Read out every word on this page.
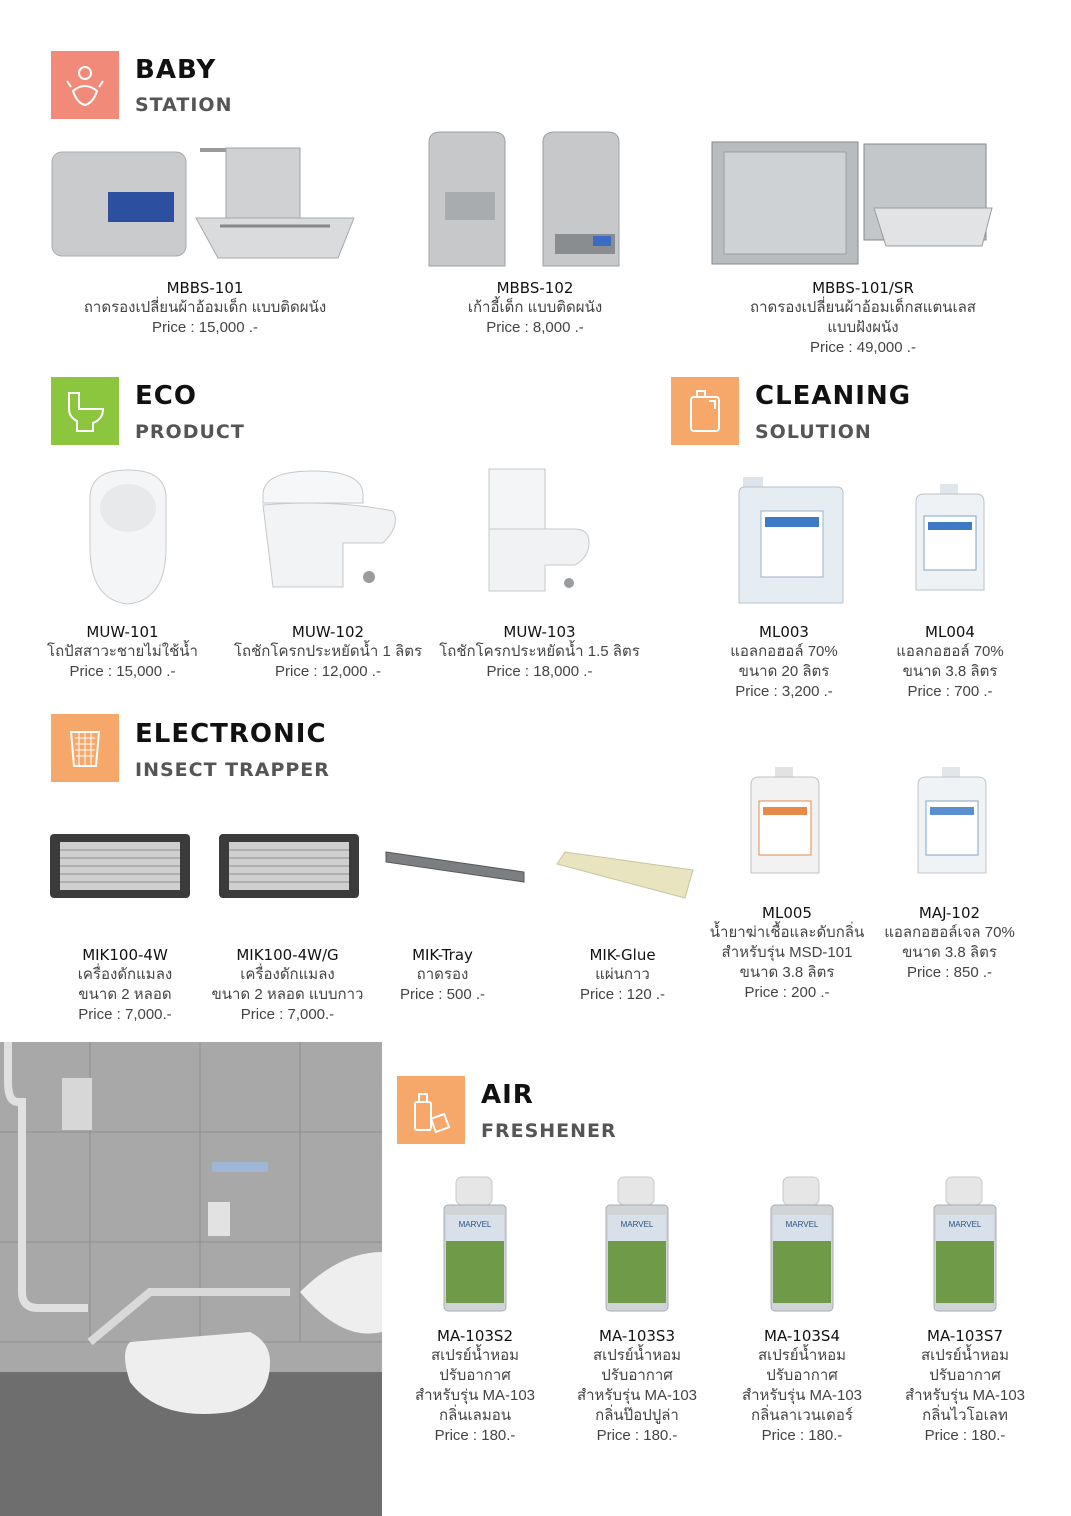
BABY
STATION
ECO
PRODUCT
CLEANING
SOLUTION
ELECTRONIC
INSECT TRAPPER
AIR
FRESHENER
MBBS-101
ถาดรองเปลี่ยนผ้าอ้อมเด็ก แบบติดผนัง
Price : 15,000 .-
MBBS-102
เก้าอี้เด็ก แบบติดผนัง
Price : 8,000 .-
MBBS-101/SR
ถาดรองเปลี่ยนผ้าอ้อมเด็กสแตนเลส
แบบฝังผนัง
Price : 49,000 .-
MUW-101
โถปัสสาวะชายไม่ใช้น้ำ
Price : 15,000 .-
MUW-102
โถชักโครกประหยัดน้ำ 1 ลิตร
Price : 12,000 .-
MUW-103
โถชักโครกประหยัดน้ำ 1.5 ลิตร
Price : 18,000 .-
ML003
แอลกอฮอล์ 70%
ขนาด 20 ลิตร
Price : 3,200 .-
ML004
แอลกอฮอล์ 70%
ขนาด 3.8 ลิตร
Price : 700 .-
ML005
น้ำยาฆ่าเชื้อและดับกลิ่น
สำหรับรุ่น MSD-101
ขนาด 3.8 ลิตร
Price : 200 .-
MAJ-102
แอลกอฮอล์เจล 70%
ขนาด 3.8 ลิตร
Price : 850 .-
MIK100-4W
เครื่องดักแมลง
ขนาด 2 หลอด
Price : 7,000.-
MIK100-4W/G
เครื่องดักแมลง
ขนาด 2 หลอด แบบกาว
Price : 7,000.-
MIK-Tray
ถาดรอง
Price : 500 .-
MIK-Glue
แผ่นกาว
Price : 120 .-
MARVEL	MARVEL	MARVEL	MARVEL
MA-103S2
สเปรย์น้ำหอม
ปรับอากาศ
สำหรับรุ่น MA-103
กลิ่นเลมอน
Price : 180.-
MA-103S3
สเปรย์น้ำหอม
ปรับอากาศ
สำหรับรุ่น MA-103
กลิ่นป๊อปปูล่า
Price : 180.-
MA-103S4
สเปรย์น้ำหอม
ปรับอากาศ
สำหรับรุ่น MA-103
กลิ่นลาเวนเดอร์
Price : 180.-
MA-103S7
สเปรย์น้ำหอม
ปรับอากาศ
สำหรับรุ่น MA-103
กลิ่นไวโอเลท
Price : 180.-
